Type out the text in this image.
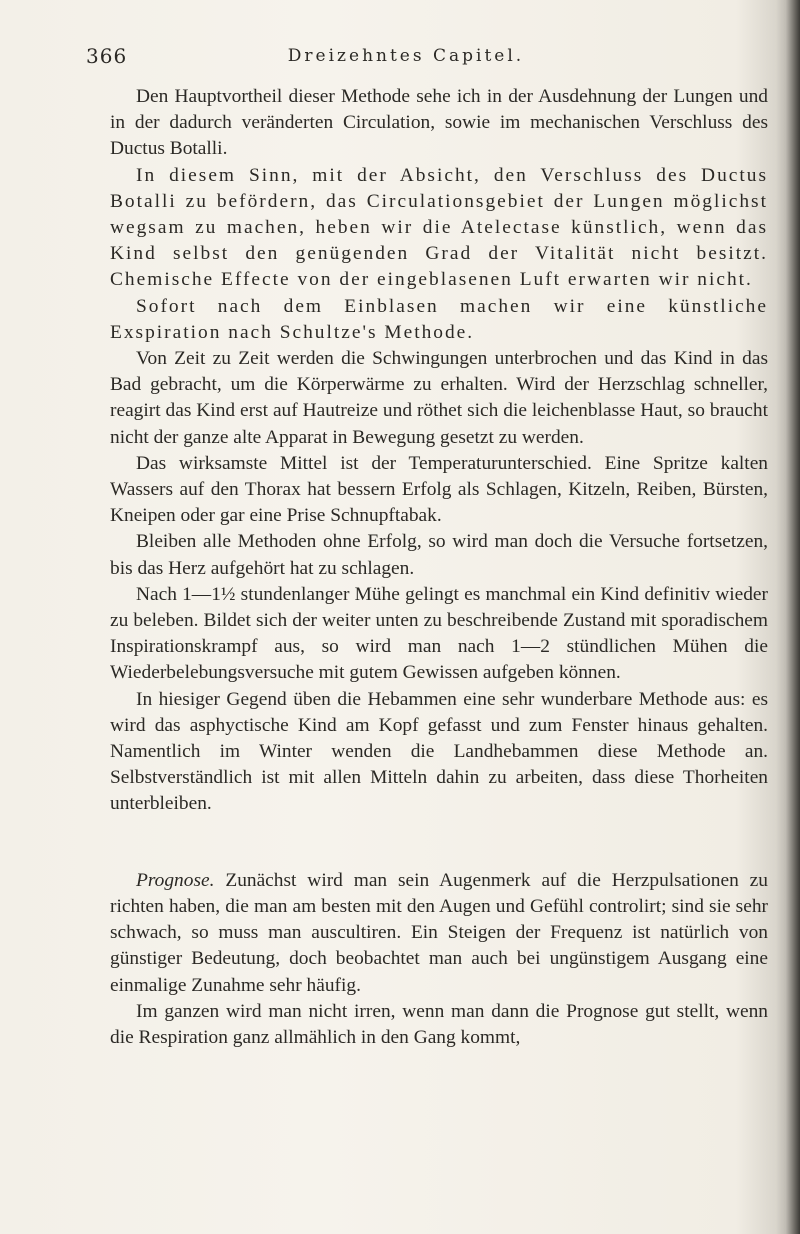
366	Dreizehntes Capitel.

Den Hauptvortheil dieser Methode sehe ich in der Ausdehnung der Lungen und in der dadurch veränderten Circulation, sowie im mechanischen Verschluss des Ductus Botalli.

In diesem Sinn, mit der Absicht, den Verschluss des Ductus Botalli zu befördern, das Circulationsgebiet der Lungen möglichst wegsam zu machen, heben wir die Atelectase künstlich, wenn das Kind selbst den genügenden Grad der Vitalität nicht besitzt. Chemische Effecte von der eingeblasenen Luft erwarten wir nicht.

Sofort nach dem Einblasen machen wir eine künstliche Exspiration nach Schultze's Methode.

Von Zeit zu Zeit werden die Schwingungen unterbrochen und das Kind in das Bad gebracht, um die Körperwärme zu erhalten. Wird der Herzschlag schneller, reagirt das Kind erst auf Hautreize und röthet sich die leichenblasse Haut, so braucht nicht der ganze alte Apparat in Bewegung gesetzt zu werden.

Das wirksamste Mittel ist der Temperaturunterschied. Eine Spritze kalten Wassers auf den Thorax hat bessern Erfolg als Schlagen, Kitzeln, Reiben, Bürsten, Kneipen oder gar eine Prise Schnupftabak.

Bleiben alle Methoden ohne Erfolg, so wird man doch die Versuche fortsetzen, bis das Herz aufgehört hat zu schlagen.

Nach 1—1½ stundenlanger Mühe gelingt es manchmal ein Kind definitiv wieder zu beleben. Bildet sich der weiter unten zu beschreibende Zustand mit sporadischem Inspirationskrampf aus, so wird man nach 1—2 stündlichen Mühen die Wiederbelebungsversuche mit gutem Gewissen aufgeben können.

In hiesiger Gegend üben die Hebammen eine sehr wunderbare Methode aus: es wird das asphyctische Kind am Kopf gefasst und zum Fenster hinaus gehalten. Namentlich im Winter wenden die Landhebammen diese Methode an. Selbstverständlich ist mit allen Mitteln dahin zu arbeiten, dass diese Thorheiten unterbleiben.

Prognose. Zunächst wird man sein Augenmerk auf die Herzpulsationen zu richten haben, die man am besten mit den Augen und Gefühl controlirt; sind sie sehr schwach, so muss man auscultiren. Ein Steigen der Frequenz ist natürlich von günstiger Bedeutung, doch beobachtet man auch bei ungünstigem Ausgang eine einmalige Zunahme sehr häufig.

Im ganzen wird man nicht irren, wenn man dann die Prognose gut stellt, wenn die Respiration ganz allmählich in den Gang kommt,
